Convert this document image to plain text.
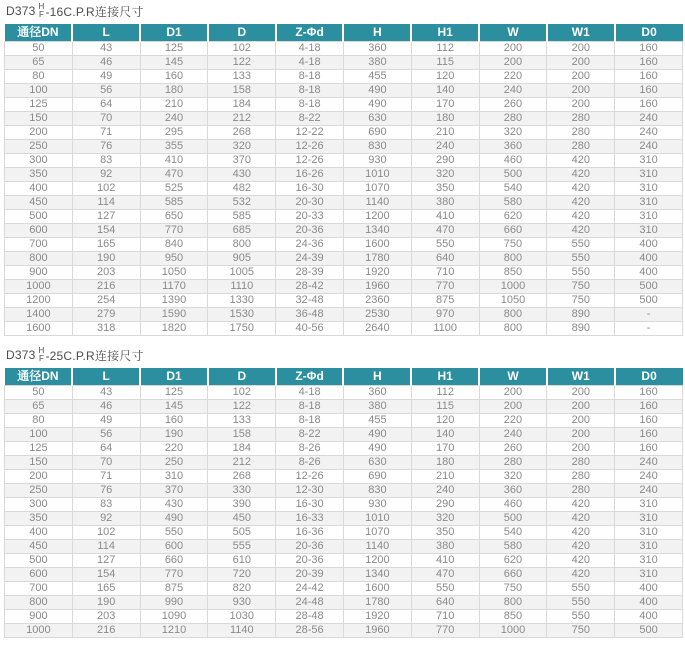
D373 H
F -16C.P.R连接尺寸
通径DN	L	D1	D	Z-Φd	H	H1	W	W1	D0
50	43	125	102	4-18	360	112	200	200	160
65	46	145	122	4-18	380	115	200	200	160
80	49	160	133	8-18	455	120	220	200	160
100	56	180	158	8-18	490	140	240	200	160
125	64	210	184	8-18	490	170	260	200	160
150	70	240	212	8-22	630	180	280	280	240
200	71	295	268	12-22	690	210	320	280	240
250	76	355	320	12-26	830	240	360	280	240
300	83	410	370	12-26	930	290	460	420	310
350	92	470	430	16-26	1010	320	500	420	310
400	102	525	482	16-30	1070	350	540	420	310
450	114	585	532	20-30	1140	380	580	420	310
500	127	650	585	20-33	1200	410	620	420	310
600	154	770	685	20-36	1340	470	660	420	310
700	165	840	800	24-36	1600	550	750	550	400
800	190	950	905	24-39	1780	640	800	550	400
900	203	1050	1005	28-39	1920	710	850	550	400
1000	216	1170	1110	28-42	1960	770	1000	750	500
1200	254	1390	1330	32-48	2360	875	1050	750	500
1400	279	1590	1530	36-48	2530	970	800	890	-
1600	318	1820	1750	40-56	2640	1100	800	890	-
D373 H
F -25C.P.R连接尺寸
通径DN	L	D1	D	Z-Φd	H	H1	W	W1	D0
50	43	125	102	4-18	360	112	200	200	160
65	46	145	122	8-18	380	115	200	200	160
80	49	160	133	8-18	455	120	220	200	160
100	56	190	158	8-22	490	140	240	200	160
125	64	220	184	8-26	490	170	260	200	160
150	70	250	212	8-26	630	180	280	280	240
200	71	310	268	12-26	690	210	320	280	240
250	76	370	330	12-30	830	240	360	280	240
300	83	430	390	16-30	930	290	460	420	310
350	92	490	450	16-33	1010	320	500	420	310
400	102	550	505	16-36	1070	350	540	420	310
450	114	600	555	20-36	1140	380	580	420	310
500	127	660	610	20-36	1200	410	620	420	310
600	154	770	720	20-39	1340	470	660	420	310
700	165	875	820	24-42	1600	550	750	550	400
800	190	990	930	24-48	1780	640	800	550	400
900	203	1090	1030	28-48	1920	710	850	550	400
1000	216	1210	1140	28-56	1960	770	1000	750	500
